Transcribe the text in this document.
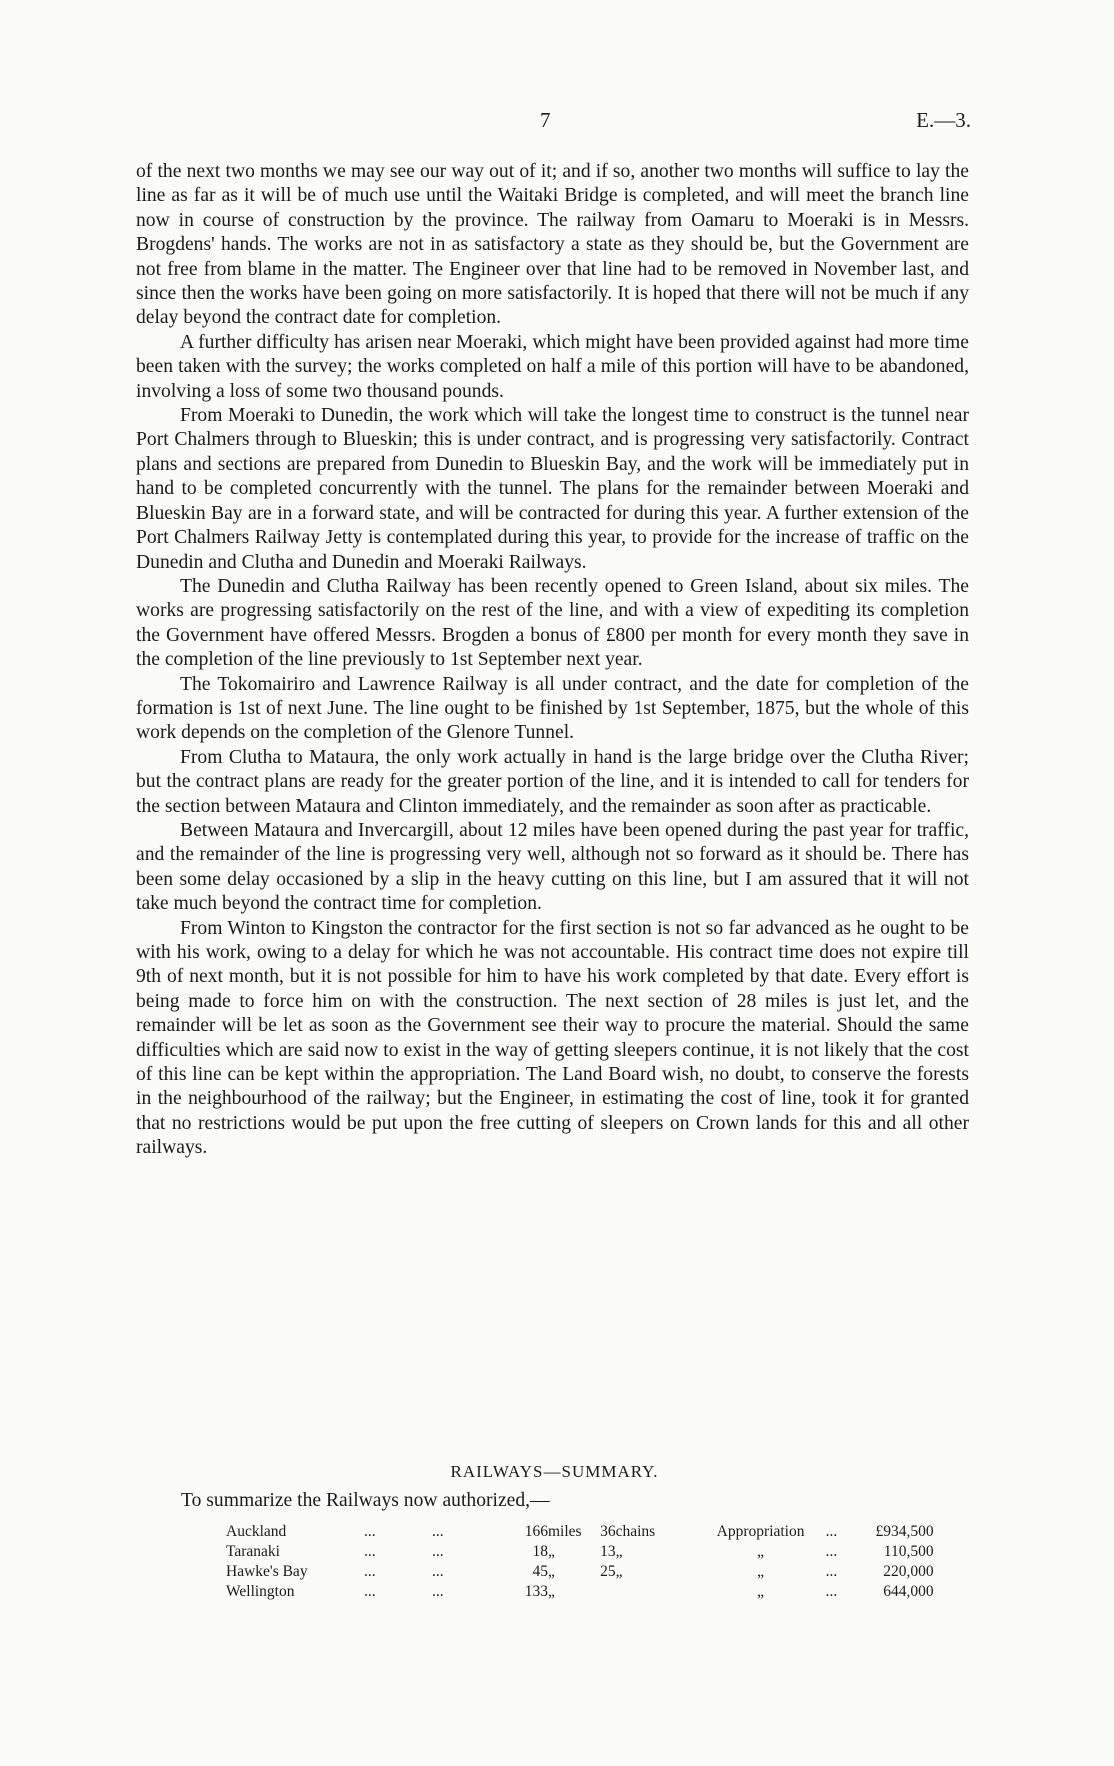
7	E.—3.

of the next two months we may see our way out of it; and if so, another two months will suffice to lay the line as far as it will be of much use until the Waitaki Bridge is completed, and will meet the branch line now in course of construction by the province. The railway from Oamaru to Moeraki is in Messrs. Brogdens' hands. The works are not in as satisfactory a state as they should be, but the Government are not free from blame in the matter. The Engineer over that line had to be removed in November last, and since then the works have been going on more satisfactorily. It is hoped that there will not be much if any delay beyond the contract date for completion.

A further difficulty has arisen near Moeraki, which might have been provided against had more time been taken with the survey; the works completed on half a mile of this portion will have to be abandoned, involving a loss of some two thousand pounds.

From Moeraki to Dunedin, the work which will take the longest time to construct is the tunnel near Port Chalmers through to Blueskin; this is under contract, and is progressing very satisfactorily. Contract plans and sections are prepared from Dunedin to Blueskin Bay, and the work will be immediately put in hand to be completed concurrently with the tunnel. The plans for the remainder between Moeraki and Blueskin Bay are in a forward state, and will be contracted for during this year. A further extension of the Port Chalmers Railway Jetty is contemplated during this year, to provide for the increase of traffic on the Dunedin and Clutha and Dunedin and Moeraki Railways.

The Dunedin and Clutha Railway has been recently opened to Green Island, about six miles. The works are progressing satisfactorily on the rest of the line, and with a view of expediting its completion the Government have offered Messrs. Brogden a bonus of £800 per month for every month they save in the completion of the line previously to 1st September next year.

The Tokomairiro and Lawrence Railway is all under contract, and the date for completion of the formation is 1st of next June. The line ought to be finished by 1st September, 1875, but the whole of this work depends on the completion of the Glenore Tunnel.

From Clutha to Mataura, the only work actually in hand is the large bridge over the Clutha River; but the contract plans are ready for the greater portion of the line, and it is intended to call for tenders for the section between Mataura and Clinton immediately, and the remainder as soon after as practicable.

Between Mataura and Invercargill, about 12 miles have been opened during the past year for traffic, and the remainder of the line is progressing very well, although not so forward as it should be. There has been some delay occasioned by a slip in the heavy cutting on this line, but I am assured that it will not take much beyond the contract time for completion.

From Winton to Kingston the contractor for the first section is not so far advanced as he ought to be with his work, owing to a delay for which he was not accountable. His contract time does not expire till 9th of next month, but it is not possible for him to have his work completed by that date. Every effort is being made to force him on with the construction. The next section of 28 miles is just let, and the remainder will be let as soon as the Government see their way to procure the material. Should the same difficulties which are said now to exist in the way of getting sleepers continue, it is not likely that the cost of this line can be kept within the appropriation. The Land Board wish, no doubt, to conserve the forests in the neighbourhood of the railway; but the Engineer, in estimating the cost of line, took it for granted that no restrictions would be put upon the free cutting of sleepers on Crown lands for this and all other railways.

RAILWAYS—SUMMARY.
To summarize the Railways now authorized,—
Auckland	...	...	166	miles	36	chains	Appropriation	...	£934,500
Taranaki	...	...	18	„	13	„	„	...	110,500
Hawke's Bay	...	...	45	„	25	„	„	...	220,000
Wellington	...	...	133	„			„	...	644,000
